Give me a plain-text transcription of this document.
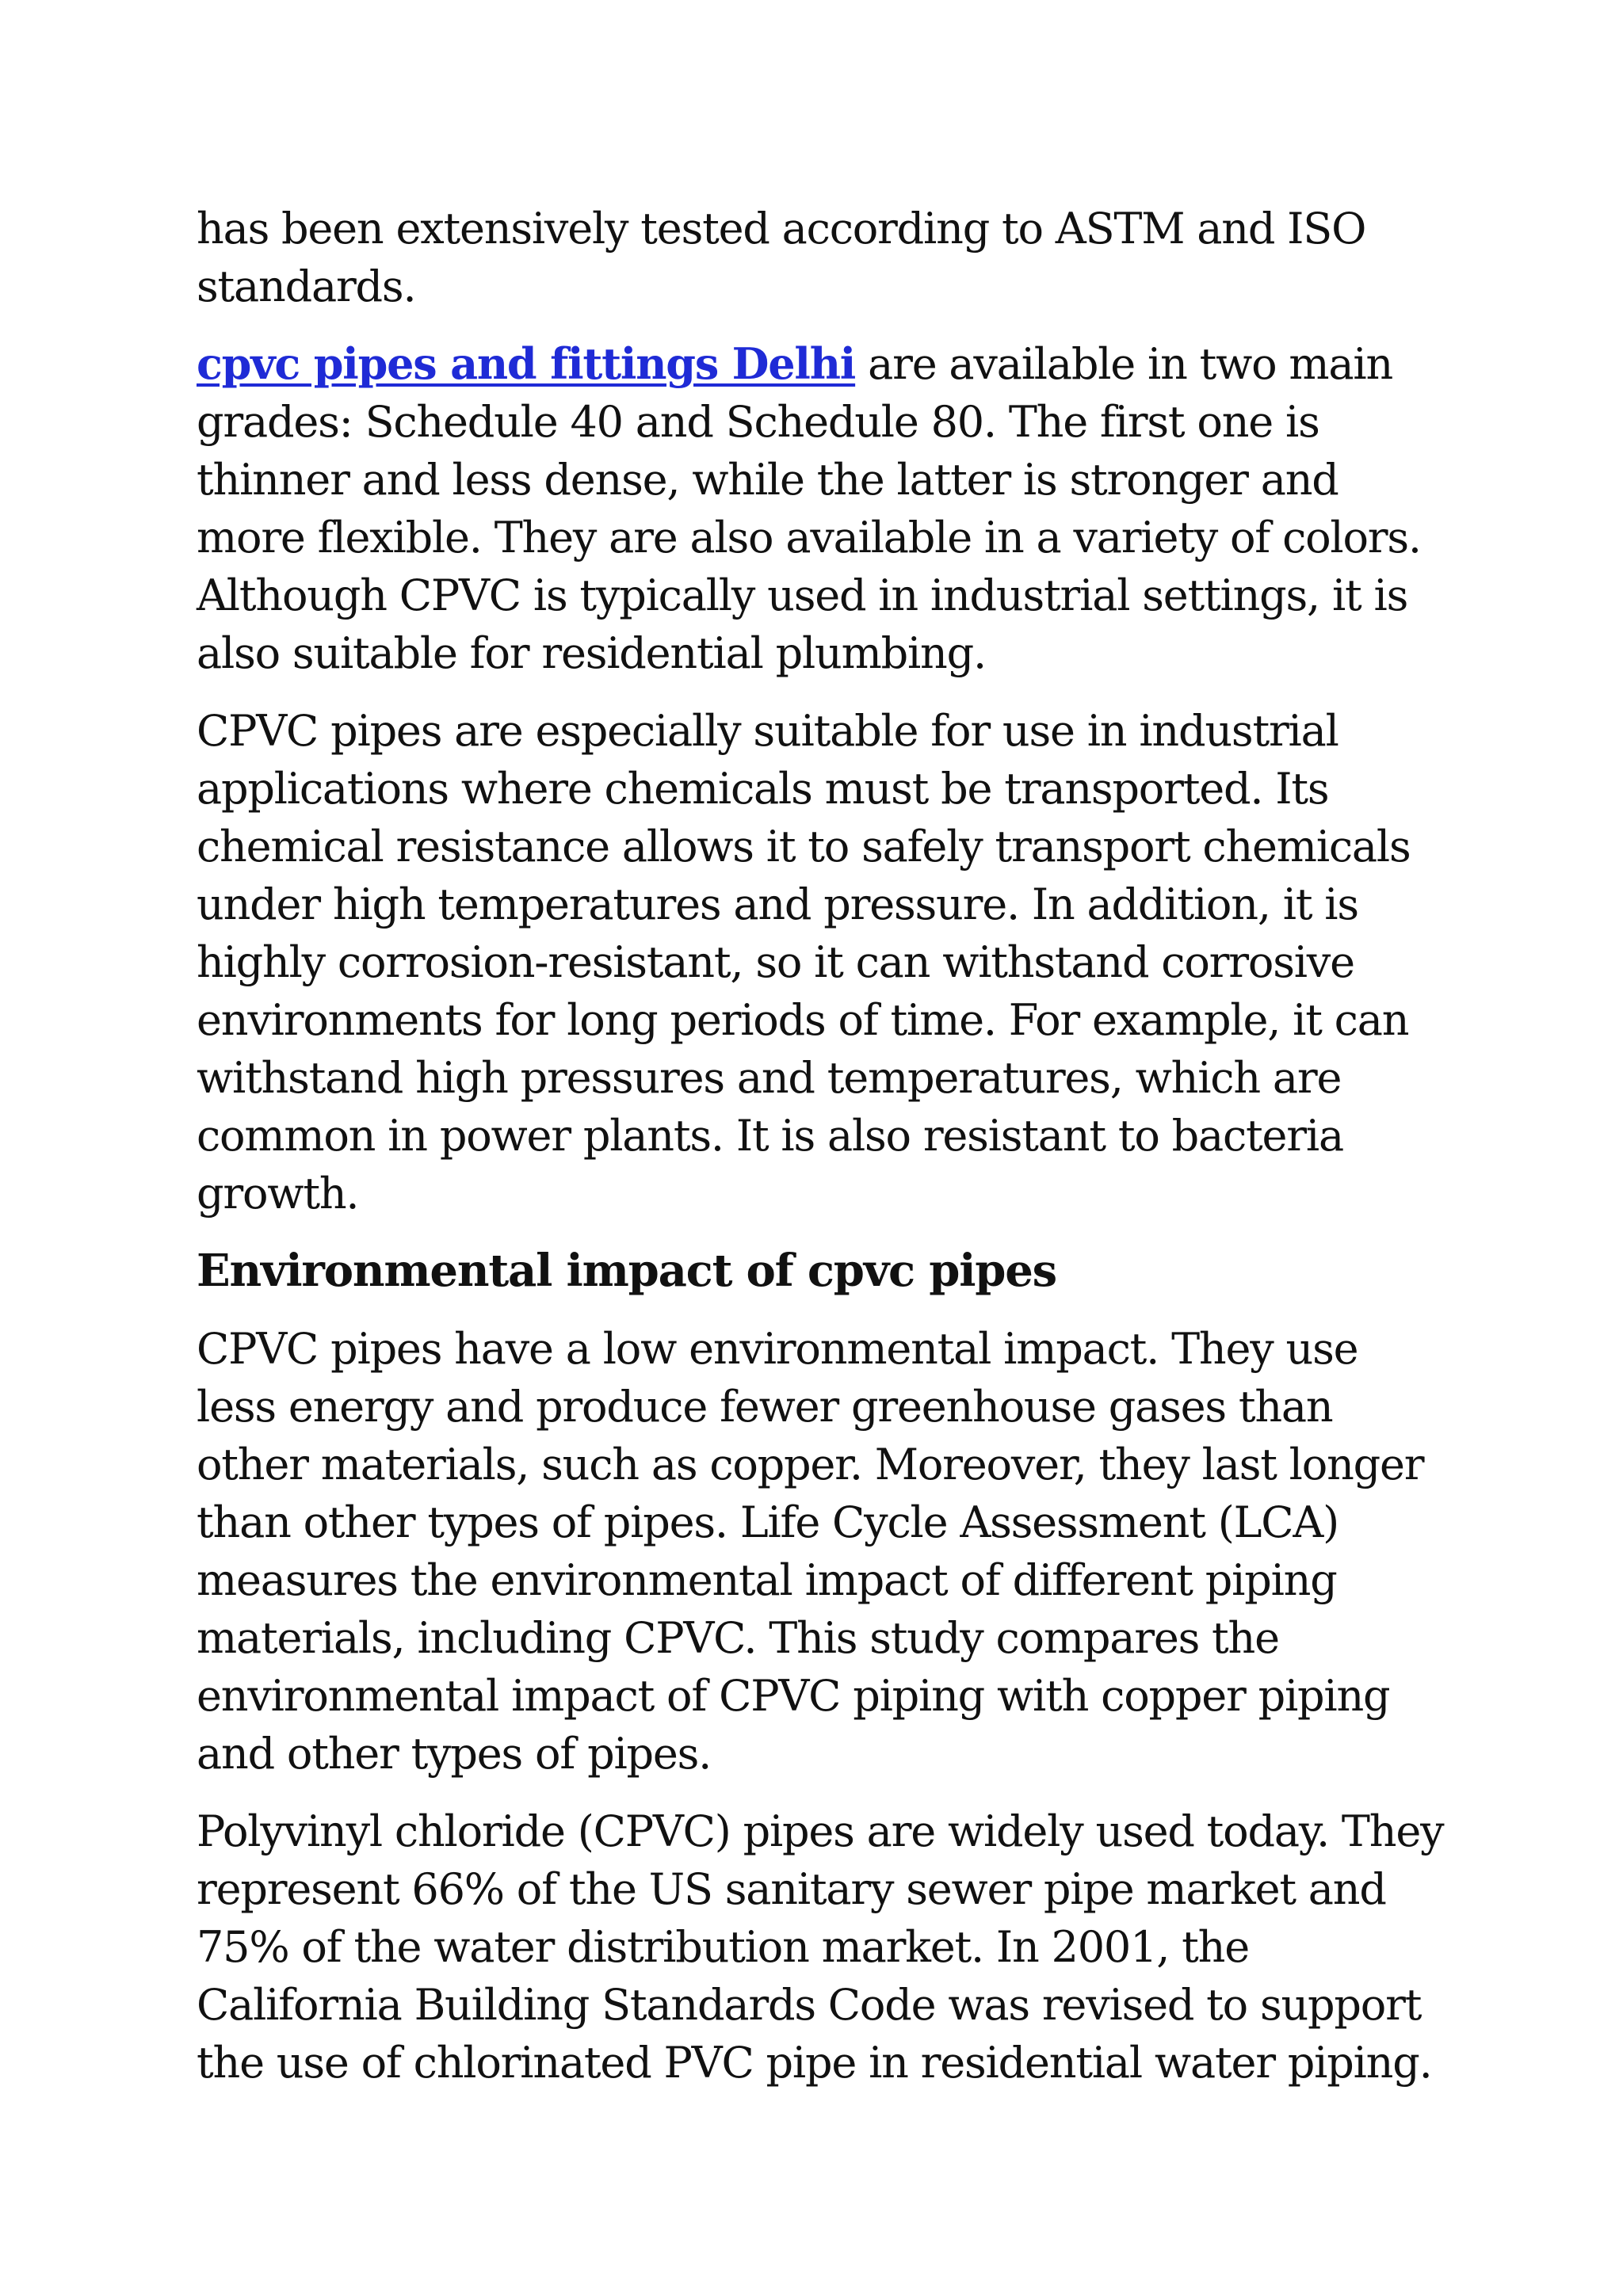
has been extensively tested according to ASTM and ISO standards.

cpvc pipes and fittings Delhi are available in two main grades: Schedule 40 and Schedule 80. The first one is thinner and less dense, while the latter is stronger and more flexible. They are also available in a variety of colors. Although CPVC is typically used in industrial settings, it is also suitable for residential plumbing.

CPVC pipes are especially suitable for use in industrial applications where chemicals must be transported. Its chemical resistance allows it to safely transport chemicals under high temperatures and pressure. In addition, it is highly corrosion-resistant, so it can withstand corrosive environments for long periods of time. For example, it can withstand high pressures and temperatures, which are common in power plants. It is also resistant to bacteria growth.

Environmental impact of cpvc pipes

CPVC pipes have a low environmental impact. They use less energy and produce fewer greenhouse gases than other materials, such as copper. Moreover, they last longer than other types of pipes. Life Cycle Assessment (LCA) measures the environmental impact of different piping materials, including CPVC. This study compares the environmental impact of CPVC piping with copper piping and other types of pipes.

Polyvinyl chloride (CPVC) pipes are widely used today. They represent 66% of the US sanitary sewer pipe market and 75% of the water distribution market. In 2001, the California Building Standards Code was revised to support the use of chlorinated PVC pipe in residential water piping.
